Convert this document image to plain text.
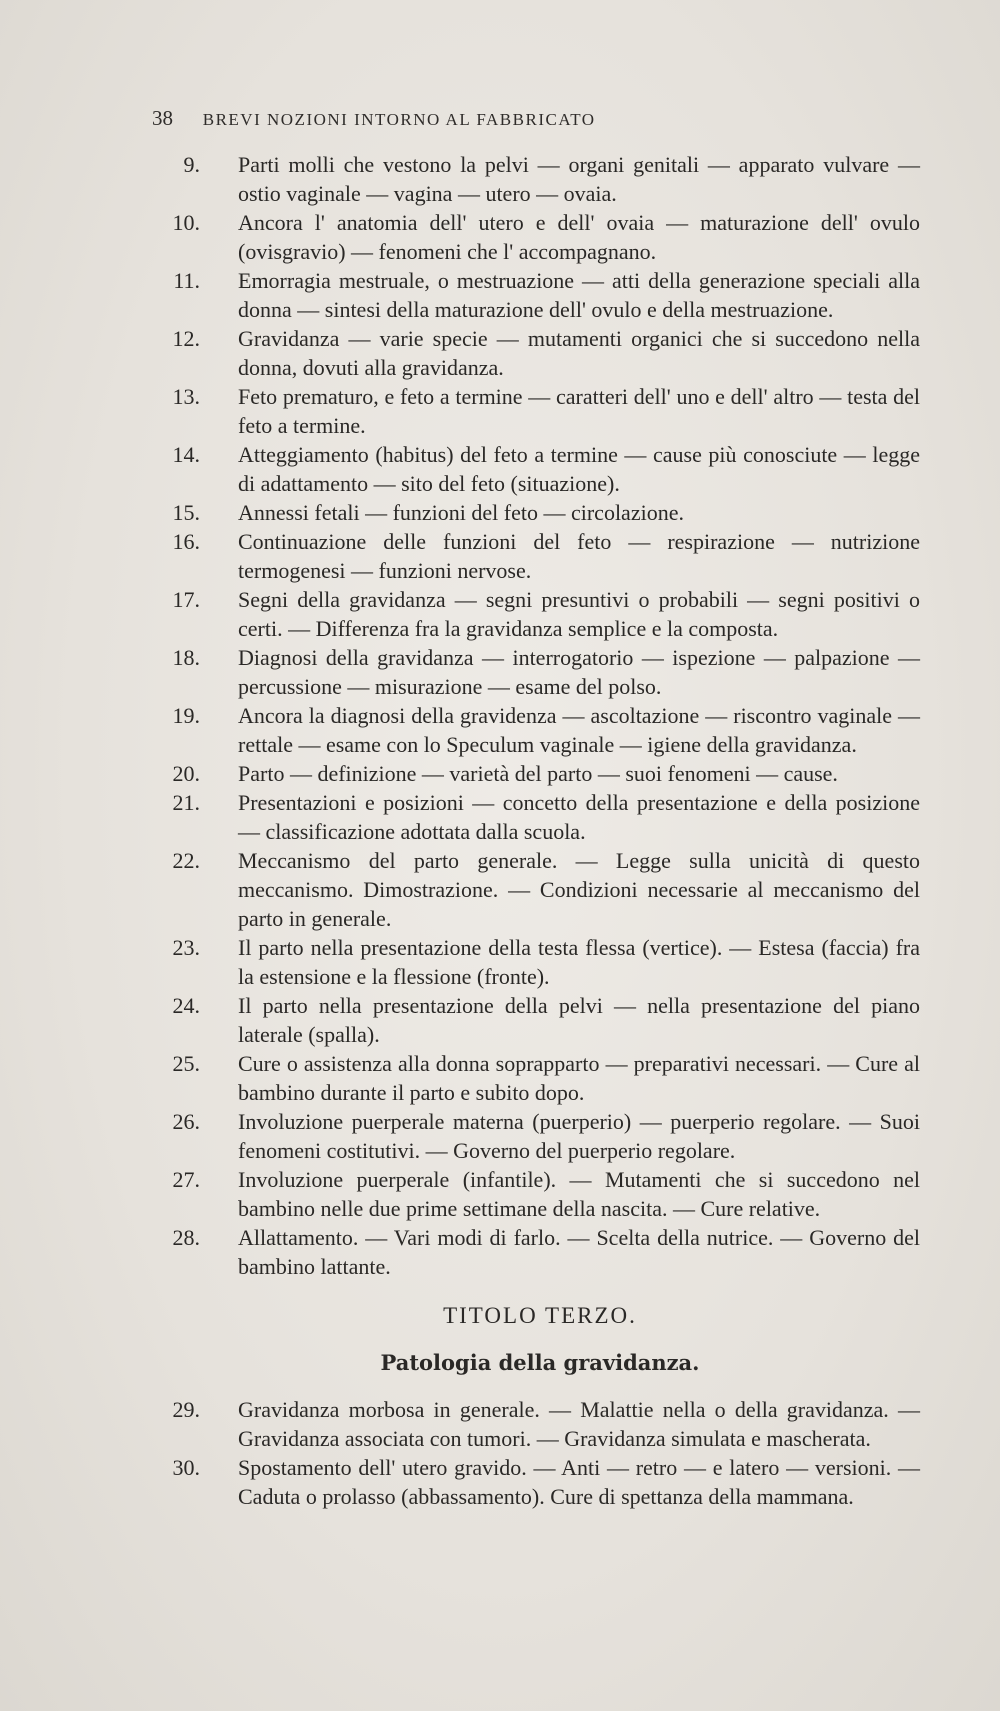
38 BREVI NOZIONI INTORNO AL FABBRICATO
9. Parti molli che vestono la pelvi — organi genitali — apparato vulvare — ostio vaginale — vagina — utero — ovaia.
10. Ancora l' anatomia dell' utero e dell' ovaia — maturazione dell' ovulo (ovisgravio) — fenomeni che l' accompagnano.
11. Emorragia mestruale, o mestruazione — atti della generazione speciali alla donna — sintesi della maturazione dell' ovulo e della mestruazione.
12. Gravidanza — varie specie — mutamenti organici che si succedono nella donna, dovuti alla gravidanza.
13. Feto prematuro, e feto a termine — caratteri dell' uno e dell' altro — testa del feto a termine.
14. Atteggiamento (habitus) del feto a termine — cause più conosciute — legge di adattamento — sito del feto (situazione).
15. Annessi fetali — funzioni del feto — circolazione.
16. Continuazione delle funzioni del feto — respirazione — nutrizione termogenesi — funzioni nervose.
17. Segni della gravidanza — segni presuntivi o probabili — segni positivi o certi. — Differenza fra la gravidanza semplice e la composta.
18. Diagnosi della gravidanza — interrogatorio — ispezione — palpazione — percussione — misurazione — esame del polso.
19. Ancora la diagnosi della gravidenza — ascoltazione — riscontro vaginale — rettale — esame con lo Speculum vaginale — igiene della gravidanza.
20. Parto — definizione — varietà del parto — suoi fenomeni — cause.
21. Presentazioni e posizioni — concetto della presentazione e della posizione — classificazione adottata dalla scuola.
22. Meccanismo del parto generale. — Legge sulla unicità di questo meccanismo. Dimostrazione. — Condizioni necessarie al meccanismo del parto in generale.
23. Il parto nella presentazione della testa flessa (vertice). — Estesa (faccia) fra la estensione e la flessione (fronte).
24. Il parto nella presentazione della pelvi — nella presentazione del piano laterale (spalla).
25. Cure o assistenza alla donna soprapparto — preparativi necessari. — Cure al bambino durante il parto e subito dopo.
26. Involuzione puerperale materna (puerperio) — puerperio regolare. — Suoi fenomeni costitutivi. — Governo del puerperio regolare.
27. Involuzione puerperale (infantile). — Mutamenti che si succedono nel bambino nelle due prime settimane della nascita. — Cure relative.
28. Allattamento. — Vari modi di farlo. — Scelta della nutrice. — Governo del bambino lattante.
TITOLO TERZO.
Patologia della gravidanza.
29. Gravidanza morbosa in generale. — Malattie nella o della gravidanza. — Gravidanza associata con tumori. — Gravidanza simulata e mascherata.
30. Spostamento dell' utero gravido. — Anti — retro — e latero — versioni. — Caduta o prolasso (abbassamento). Cure di spettanza della mammana.
